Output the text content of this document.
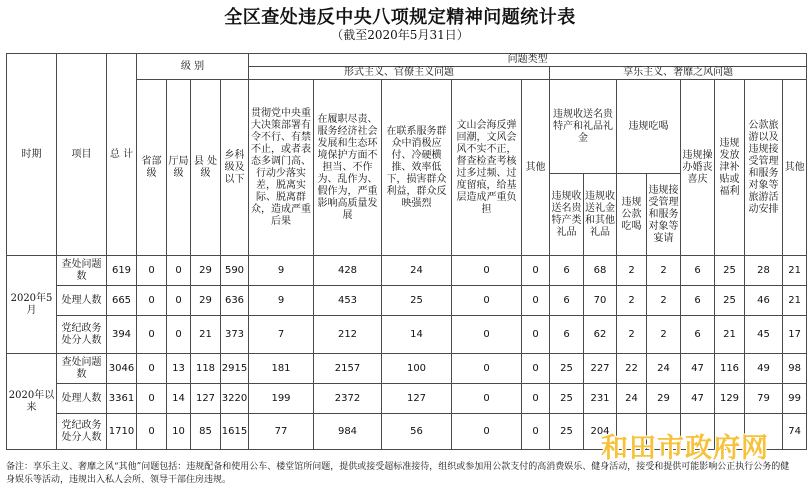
全区查处违反中央八项规定精神问题统计表
（截至2020年5月31日）
时期	项目	总 计	级 别				问题类型												
							形式主义、官僚主义问题					享乐主义、奢靡之风问题							
			省部级	厅局级	县 处级	乡科级及以下	贯彻党中央重大决策部署有令不行、有禁不止，或者表态多调门高、行动少落实差，脱离实际、脱离群众，造成严重后果	在履职尽责、服务经济社会发展和生态环境保护方面不担当、不作为、乱作为、假作为，严重影响高质量发展	在联系服务群众中消极应付、冷硬横推、效率低下，损害群众利益，群众反映强烈	文山会海反弹回潮，文风会风不实不正，督查检查考核过多过频、过度留痕，给基层造成严重负担	其他	违规收送名贵特产和礼品礼金		违规吃喝		违规操办婚丧喜庆	违规发放津补贴或福利	公款旅游以及违规接受管理和服务对象等旅游活动安排	其他
												违规收送名贵特产类礼品	违规收送礼金和其他礼品	违规公款吃喝	违规接受管理和服务对象等宴请				
2020年5月	查处问题数	619	0	0	29	590	9	428	24	0	0	6	68	2	2	6	25	28	21
	处理人数	665	0	0	29	636	9	453	25	0	0	6	70	2	2	6	25	46	21
	党纪政务处分人数	394	0	0	21	373	7	212	14	0	0	6	62	2	2	6	21	45	17
2020年以来	查处问题数	3046	0	13	118	2915	181	2157	100	0	0	25	227	22	24	47	116	49	98
	处理人数	3361	0	14	127	3220	199	2372	127	0	0	25	231	24	29	47	129	79	99
	党纪政务处分人数	1710	0	10	85	1615	77	984	56	0	0	25	204						74
备注：享乐主义、奢靡之风“其他”问题包括：违规配备和使用公车、楼堂馆所问题，提供或接受超标准接待，组织或参加用公款支付的高消费娱乐、健身活动，接受和提供可能影响公正执行公务的健身娱乐等活动，违规出入私人会所、领导干部住房违规。
和田市政府网
